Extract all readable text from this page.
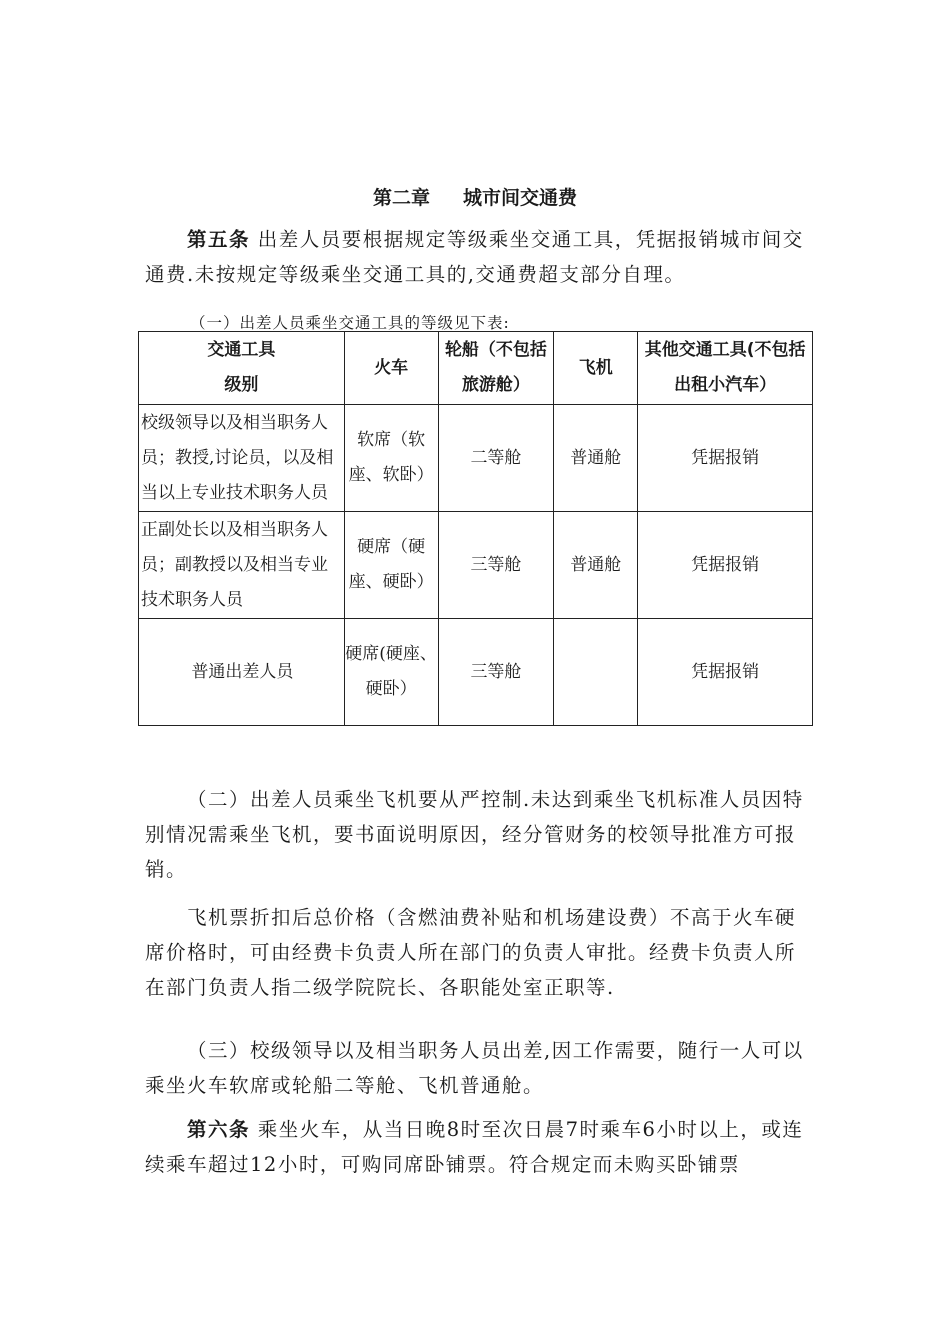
第二章     城市间交通费

第五条 出差人员要根据规定等级乘坐交通工具，凭据报销城市间交通费.未按规定等级乘坐交通工具的,交通费超支部分自理。

（一）出差人员乘坐交通工具的等级见下表:
交通工具
级别	火车	轮船（不包括旅游舱）	飞机	其他交通工具(不包括出租小汽车）
校级领导以及相当职务人员；教授,讨论员，以及相当以上专业技术职务人员	软席（软座、软卧）	二等舱	普通舱	凭据报销
正副处长以及相当职务人员；副教授以及相当专业技术职务人员	硬席（硬座、硬卧）	三等舱	普通舱	凭据报销
普通出差人员	硬席(硬座、硬卧）	三等舱		凭据报销

（二）出差人员乘坐飞机要从严控制.未达到乘坐飞机标准人员因特别情况需乘坐飞机，要书面说明原因，经分管财务的校领导批准方可报销。

飞机票折扣后总价格（含燃油费补贴和机场建设费）不高于火车硬席价格时，可由经费卡负责人所在部门的负责人审批。经费卡负责人所在部门负责人指二级学院院长、各职能处室正职等.

（三）校级领导以及相当职务人员出差,因工作需要，随行一人可以乘坐火车软席或轮船二等舱、飞机普通舱。

第六条 乘坐火车，从当日晚8时至次日晨7时乘车6小时以上，或连续乘车超过12小时，可购同席卧铺票。符合规定而未购买卧铺票
